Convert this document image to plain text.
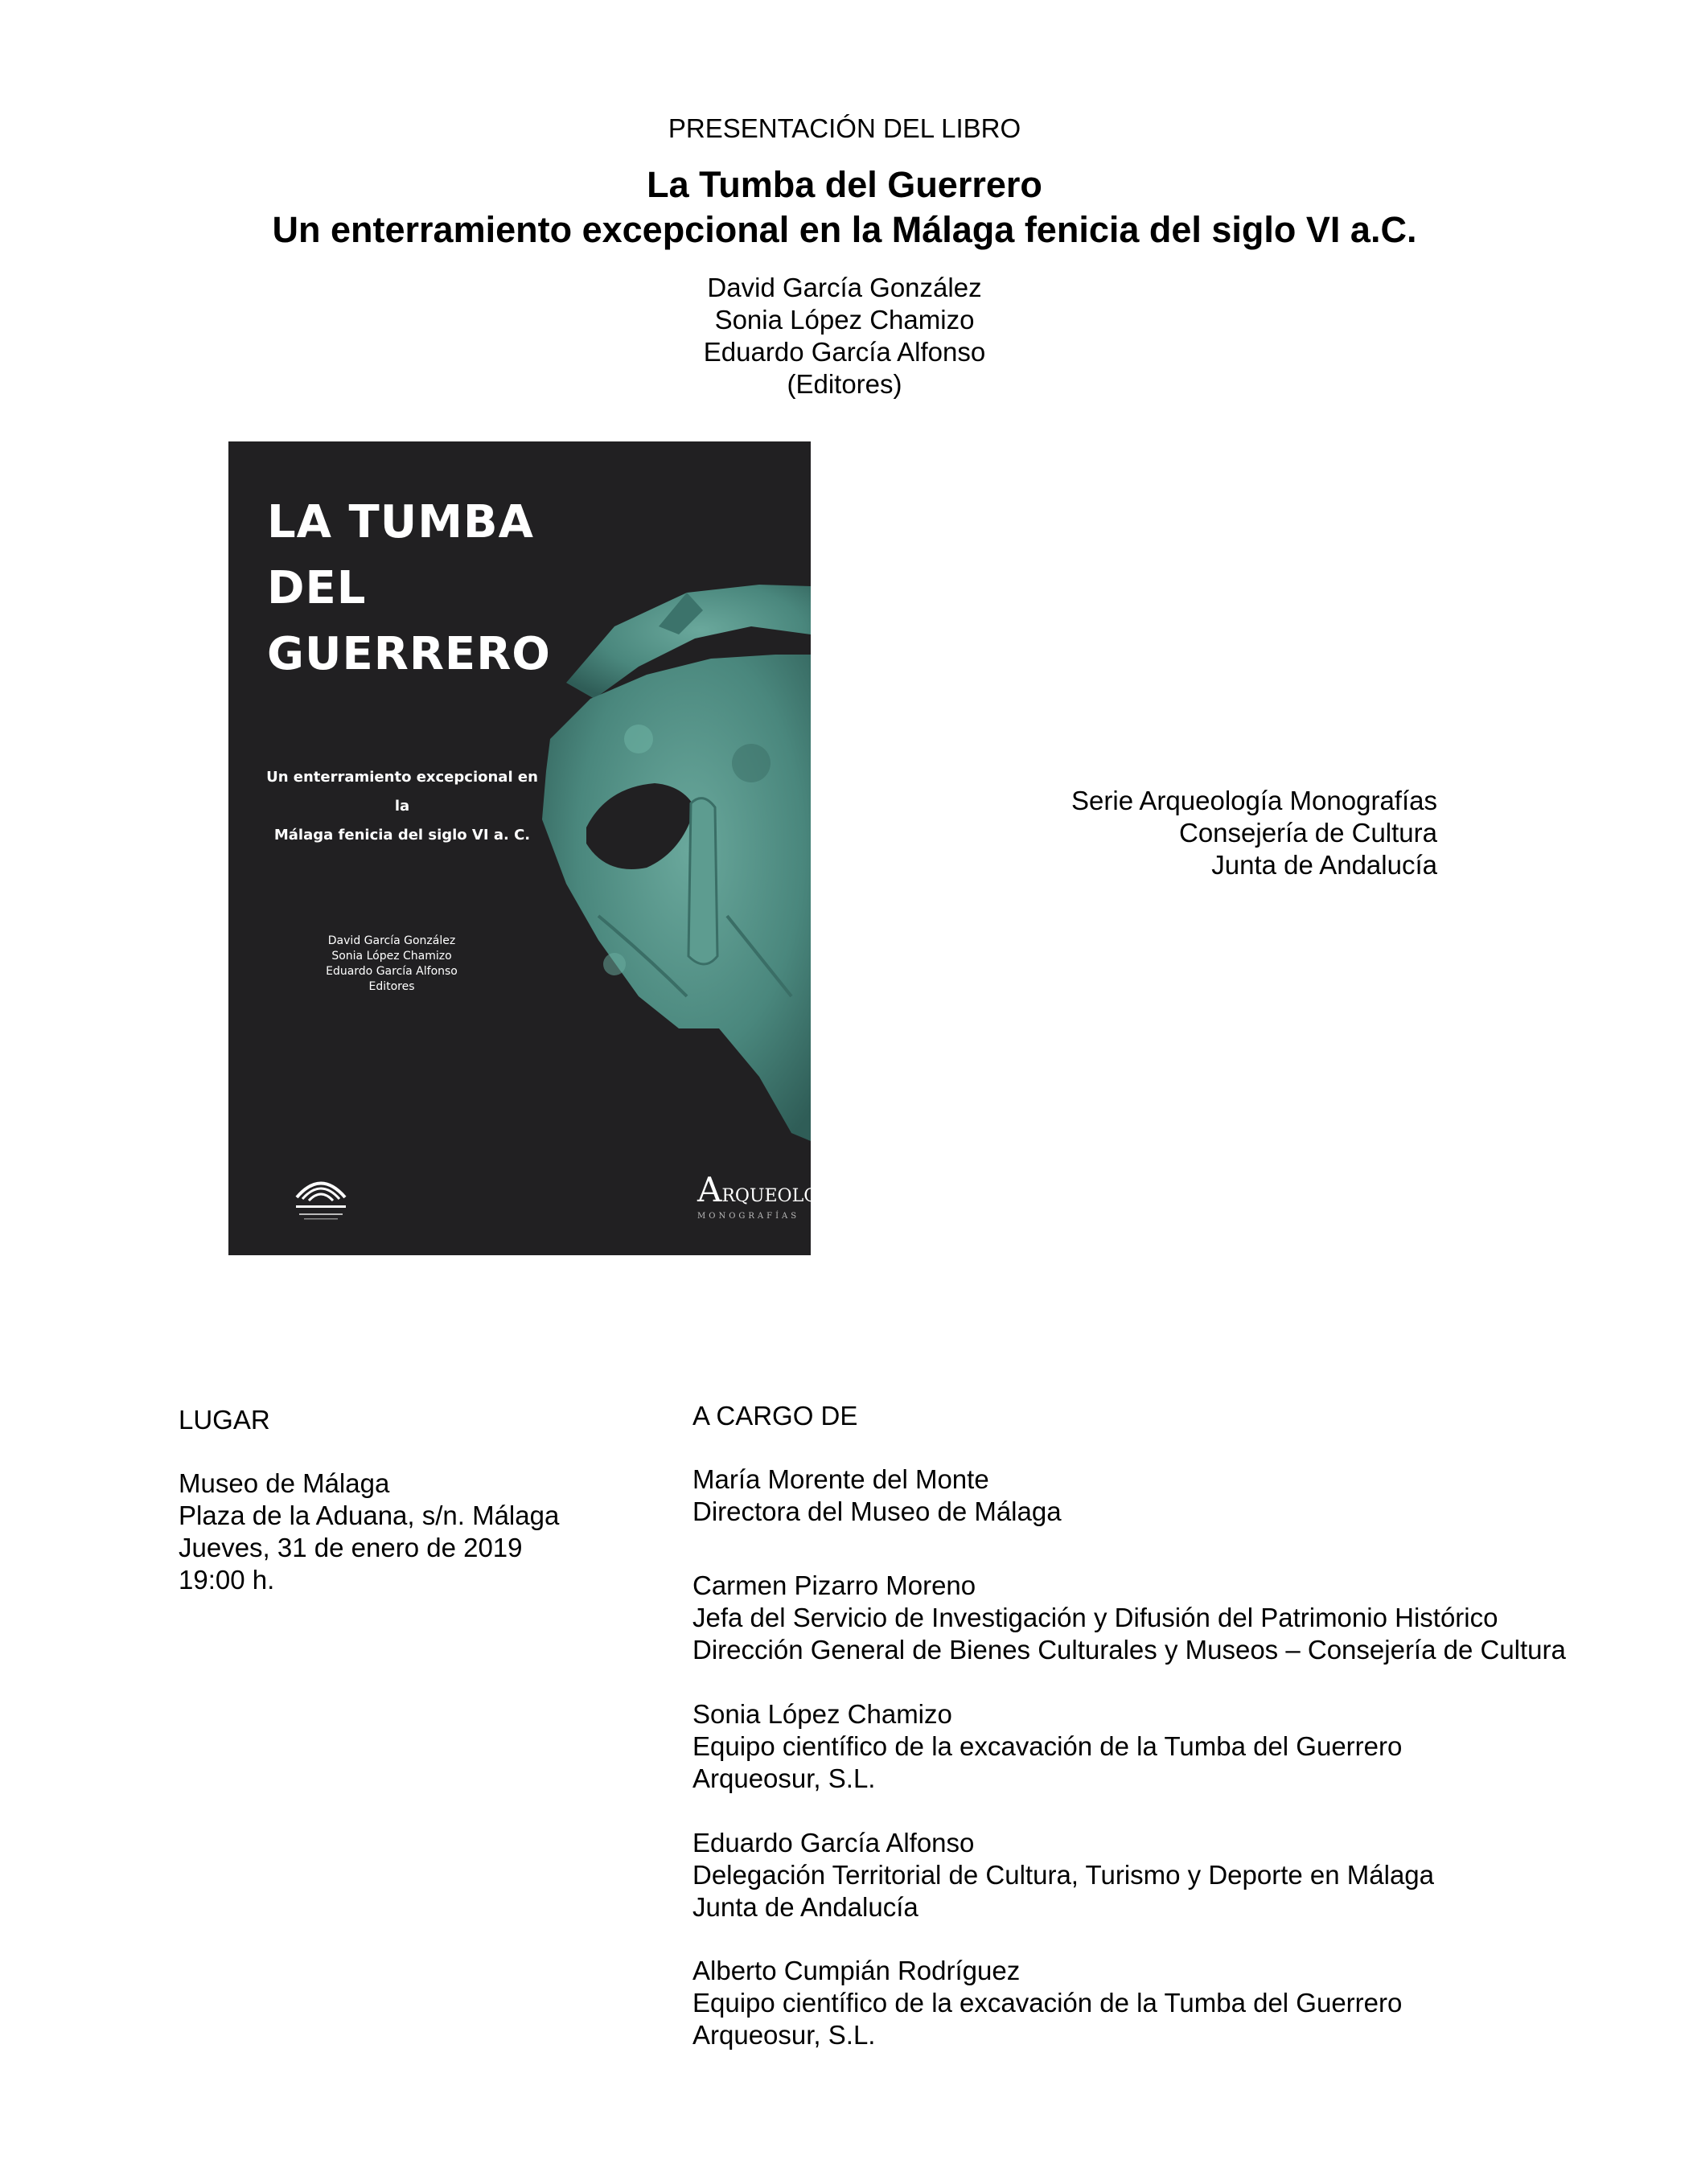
PRESENTACIÓN DEL LIBRO
La Tumba del Guerrero
Un enterramiento excepcional en la Málaga fenicia del siglo VI a.C.
David García González
Sonia López Chamizo
Eduardo García Alfonso
(Editores)
LA TUMBA
DEL
GUERRERO
Un enterramiento excepcional en la
Málaga fenicia del siglo VI a. C.
David García González
Sonia López Chamizo
Eduardo García Alfonso
Editores
ARQUEOLOGÍA
MONOGRAFÍAS
Serie Arqueología Monografías
Consejería de Cultura
Junta de Andalucía
LUGAR
Museo de Málaga
Plaza de la Aduana, s/n. Málaga
Jueves, 31 de enero de 2019
19:00 h.
A CARGO DE
María Morente del Monte
Directora del Museo de Málaga
Carmen Pizarro Moreno
Jefa del Servicio de Investigación y Difusión del Patrimonio Histórico
Dirección General de Bienes Culturales y Museos – Consejería de Cultura
Sonia López Chamizo
Equipo científico de la excavación de la Tumba del Guerrero
Arqueosur, S.L.
Eduardo García Alfonso
Delegación Territorial de Cultura, Turismo y Deporte en Málaga
Junta de Andalucía
Alberto Cumpián Rodríguez
Equipo científico de la excavación de la Tumba del Guerrero
Arqueosur, S.L.
